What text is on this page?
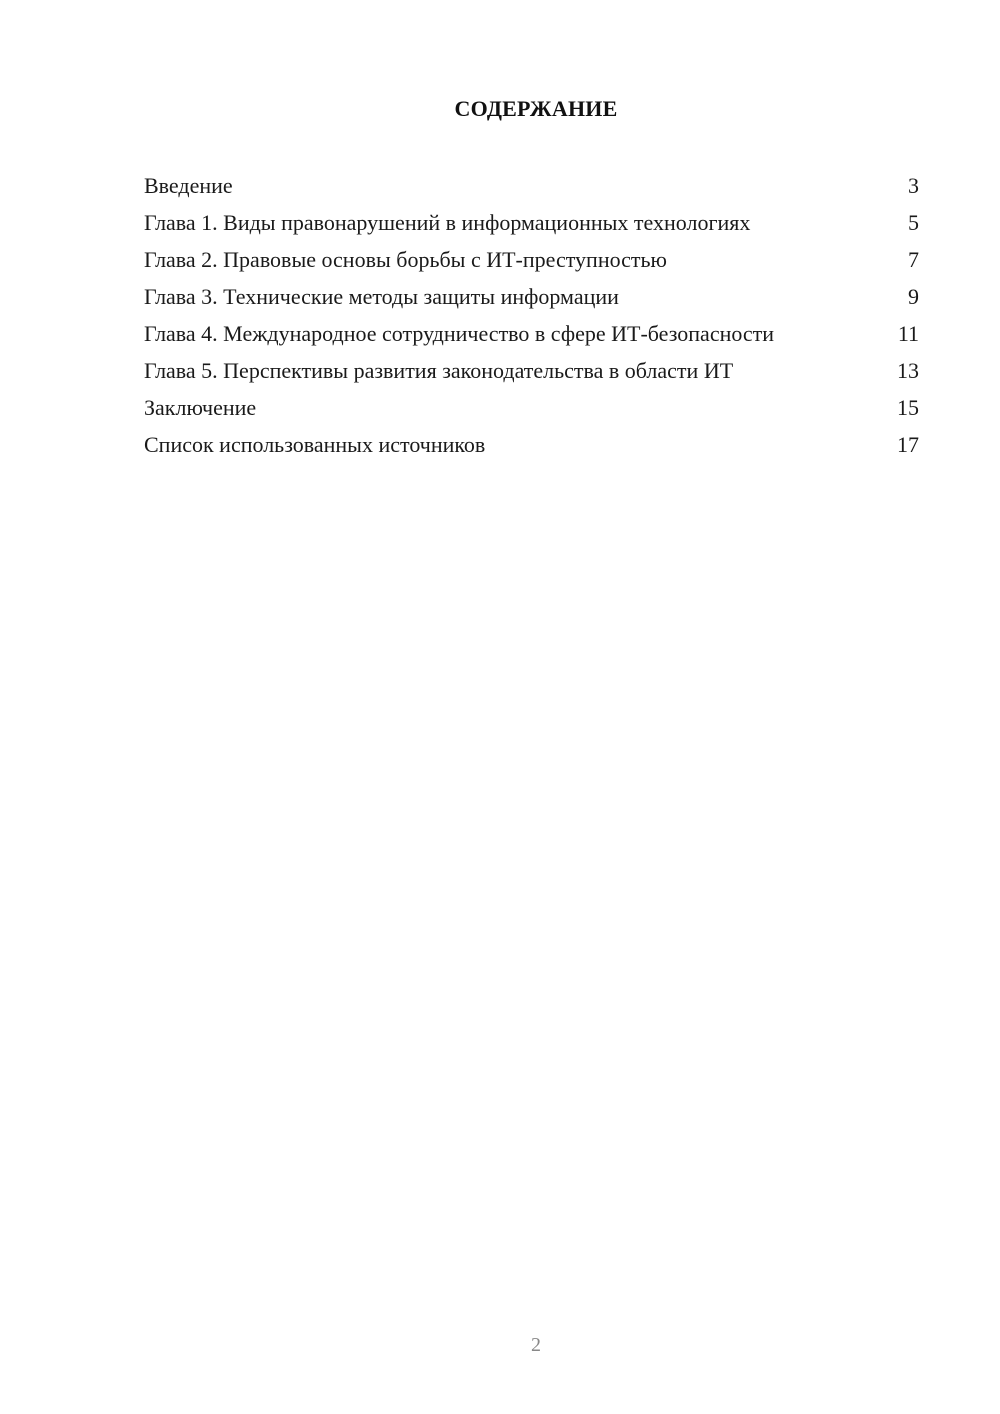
СОДЕРЖАНИЕ
Введение	3
Глава 1. Виды правонарушений в информационных технологиях	5
Глава 2. Правовые основы борьбы с ИТ-преступностью	7
Глава 3. Технические методы защиты информации	9
Глава 4. Международное сотрудничество в сфере ИТ-безопасности	11
Глава 5. Перспективы развития законодательства в области ИТ	13
Заключение	15
Список использованных источников	17
2
